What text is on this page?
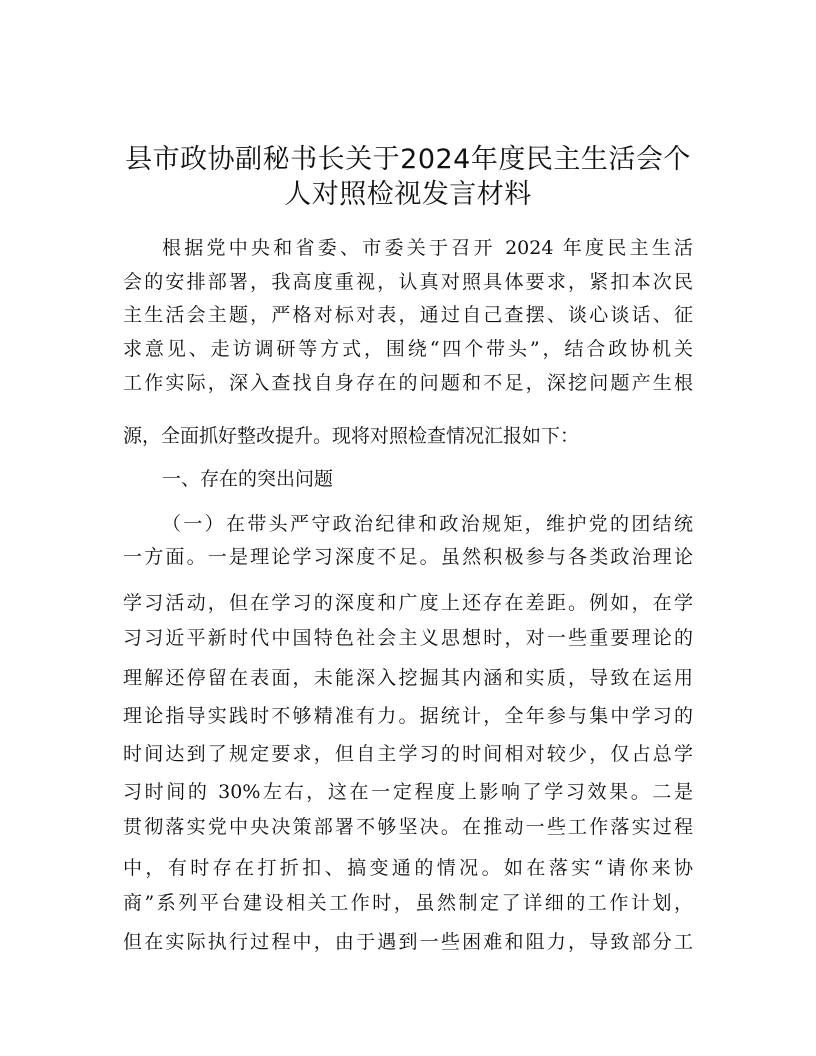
县市政协副秘书长关于2024年度民主生活会个
人对照检视发言材料
根据党中央和省委、市委关于召开 2024 年度民主生活
会的安排部署，我高度重视，认真对照具体要求，紧扣本次民
主生活会主题，严格对标对表，通过自己查摆、谈心谈话、征
求意见、走访调研等方式，围绕“四个带头”，结合政协机关
工作实际，深入查找自身存在的问题和不足，深挖问题产生根
源，全面抓好整改提升。现将对照检查情况汇报如下：
一、存在的突出问题
（一）在带头严守政治纪律和政治规矩，维护党的团结统
一方面。一是理论学习深度不足。虽然积极参与各类政治理论
学习活动，但在学习的深度和广度上还存在差距。例如，在学
习习近平新时代中国特色社会主义思想时，对一些重要理论的
理解还停留在表面，未能深入挖掘其内涵和实质，导致在运用
理论指导实践时不够精准有力。据统计，全年参与集中学习的
时间达到了规定要求，但自主学习的时间相对较少，仅占总学
习时间的 30%左右，这在一定程度上影响了学习效果。二是
贯彻落实党中央决策部署不够坚决。在推动一些工作落实过程
中，有时存在打折扣、搞变通的情况。如在落实“请你来协
商”系列平台建设相关工作时，虽然制定了详细的工作计划，
但在实际执行过程中，由于遇到一些困难和阻力，导致部分工
